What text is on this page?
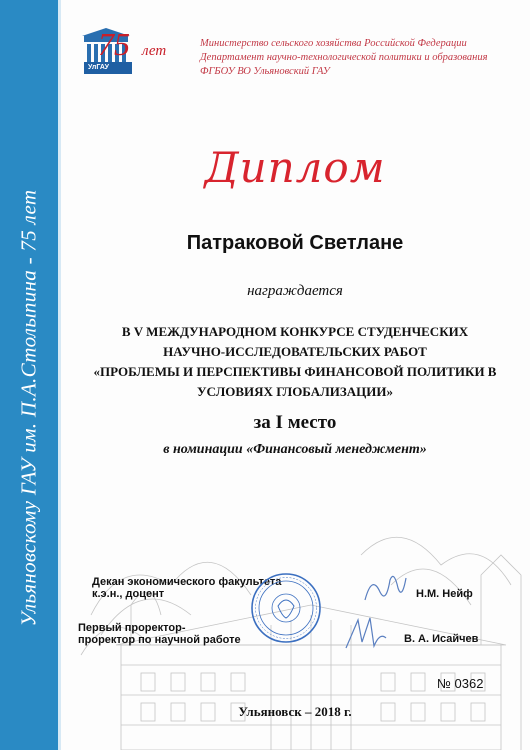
Ульяновскому ГАУ им. П.А.Столыпина - 75 лет
УлГАУ
75 лет	Министерство сельского хозяйства Российской Федерации
Департамент научно-технологической политики и образования
ФГБОУ ВО Ульяновский ГАУ
Диплом
Патраковой Светлане
награждается
В V МЕЖДУНАРОДНОМ КОНКУРСЕ СТУДЕНЧЕСКИХ
НАУЧНО-ИССЛЕДОВАТЕЛЬСКИХ РАБОТ
«ПРОБЛЕМЫ И ПЕРСПЕКТИВЫ ФИНАНСОВОЙ ПОЛИТИКИ В
УСЛОВИЯХ ГЛОБАЛИЗАЦИИ»
за I место
в номинации «Финансовый менеджмент»
Декан экономического факультета
к.э.н., доцент	Н.М. Нейф
Первый проректор-
проректор по научной работе	В. А. Исайчев
№ 0362
Ульяновск – 2018 г.
